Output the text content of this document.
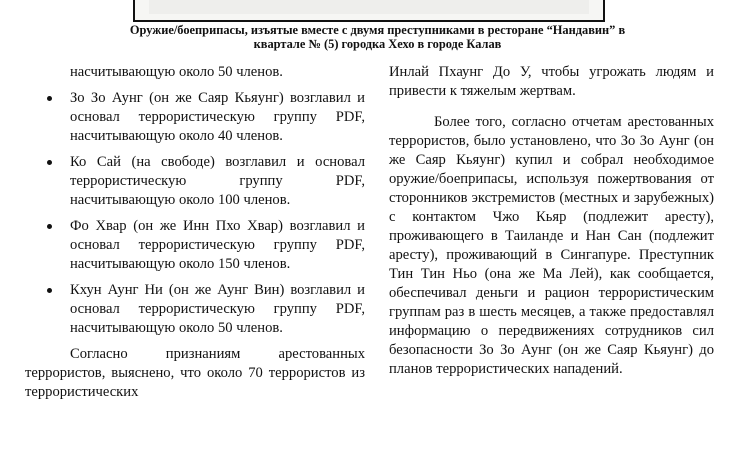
Оружие/боеприпасы, изъятые вместе с двумя преступниками в ресторане “Нандавин” в
квартале № (5) городка Хехо в городе Калав

насчитывающую около 50 членов.

Зо Зо Аунг (он же Саяр Кьяунг) возглавил и основал террористическую группу PDF, насчитывающую около 40 членов.
Ко Сай (на свободе) возглавил и основал террористическую группу PDF, насчитывающую около 100 членов.
Фо Хвар (он же Инн Пхо Хвар) возглавил и основал террористическую группу PDF, насчитывающую около 150 членов.
Кхун Аунг Ни (он же Аунг Вин) возглавил и основал террористическую группу PDF, насчитывающую около 50 членов.

Согласно признаниям арестованных террористов, выяснено, что около 70 террористов из террористических

Инлай Пхаунг До У, чтобы угрожать людям и привести к тяжелым жертвам.

Более того, согласно отчетам арестованных террористов, было установлено, что Зо Зо Аунг (он же Саяр Кьяунг) купил и собрал необходимое оружие/боеприпасы, используя пожертвования от сторонников экстремистов (местных и зарубежных) с контактом Чжо Кьяр (подлежит аресту), проживающего в Таиланде и Нан Сан (подлежит аресту), проживающий в Сингапуре. Преступник Тин Тин Ньо (она же Ма Лей), как сообщается, обеспечивал деньги и рацион террористическим группам раз в шесть месяцев, а также предоставлял информацию о передвижениях сотрудников сил безопасности Зо Зо Аунг (он же Саяр Кьяунг) до планов террористических нападений.
